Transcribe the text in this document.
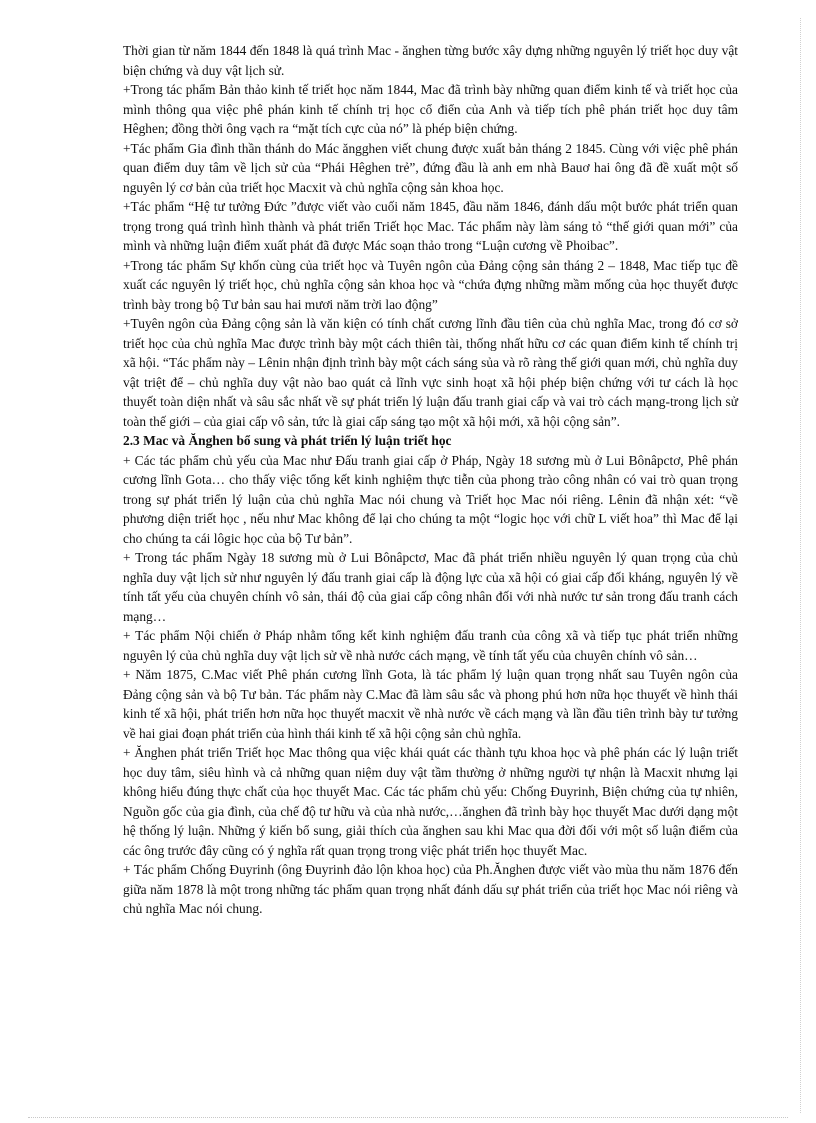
Thời gian từ năm 1844 đến 1848 là quá trình Mac - ănghen từng bước xây dựng những nguyên lý triết học duy vật biện chứng và duy vật lịch sử.

+Trong tác phẩm Bản thảo kinh tế triết học năm 1844, Mac đã trình bày những quan điểm kinh tế và triết học của mình thông qua việc phê phán kinh tế chính trị học cổ điển của Anh và tiếp tích phê phán triết học duy tâm Hêghen; đồng thời ông vạch ra “mặt tích cực của nó” là phép biện chứng.

+Tác phẩm Gia đình thần thánh do Mác ăngghen viết chung được xuất bản tháng 2 1845. Cùng với việc phê phán quan điểm duy tâm về lịch sử của “Phái Hêghen trẻ”, đứng đầu là anh em nhà Bauơ hai ông đã đề xuất một số nguyên lý cơ bản của triết học Macxit và chủ nghĩa cộng sản khoa học.

+Tác phẩm “Hệ tư tưởng Đức ”được viết vào cuối năm 1845, đầu năm 1846, đánh dấu một bước phát triển quan trọng trong quá trình hình thành và phát triển Triết học Mac. Tác phẩm này làm sáng tỏ “thế giới quan mới” của mình và những luận điểm xuất phát đã được Mác soạn thảo trong “Luận cương về Phoibac”.

+Trong tác phẩm Sự khốn cùng của triết học và Tuyên ngôn của Đảng cộng sản tháng 2 – 1848, Mac tiếp tục đề xuất các nguyên lý triết học, chủ nghĩa cộng sản khoa học và “chứa đựng những mầm mống của học thuyết được trình bày trong bộ Tư bản sau hai mươi năm trời lao động”

+Tuyên ngôn của Đảng cộng sản là văn kiện có tính chất cương lĩnh đầu tiên của chủ nghĩa Mac, trong đó cơ sở triết học của chủ nghĩa Mac được trình bày một cách thiên tài, thống nhất hữu cơ các quan điểm kinh tế chính trị xã hội. “Tác phẩm này – Lênin nhận định trình bày một cách sáng sủa và rõ ràng thế giới quan mới, chủ nghĩa duy vật triệt để – chủ nghĩa duy vật nào bao quát cả lĩnh vực sinh hoạt xã hội phép biện chứng với tư cách là học thuyết toàn diện nhất và sâu sắc nhất về sự phát triển lý luận đấu tranh giai cấp và vai trò cách mạng-trong lịch sử toàn thế giới – của giai cấp vô sản, tức là giai cấp sáng tạo một xã hội mới, xã hội cộng sản”.

2.3 Mac và Ănghen bổ sung và phát triển lý luận triết học

+ Các tác phẩm chủ yếu của Mac như Đấu tranh giai cấp ở Pháp, Ngày 18 sương mù ở Lui Bônâpctơ, Phê phán cương lĩnh Gota… cho thấy việc tổng kết kinh nghiệm thực tiễn của phong trào công nhân có vai trò quan trọng trong sự phát triển lý luận của chủ nghĩa Mac nói chung và Triết học Mac nói riêng. Lênin đã nhận xét: “về phương diện triết học , nếu như Mac không để lại cho chúng ta một “logic học với chữ L viết hoa” thì Mac để lại cho chúng ta cái lôgic học của bộ Tư bản”.

+ Trong tác phẩm Ngày 18 sương mù ở Lui Bônâpctơ, Mac đã phát triển nhiều nguyên lý quan trọng của chủ nghĩa duy vật lịch sử như nguyên lý đấu tranh giai cấp là động lực của xã hội có giai cấp đối kháng, nguyên lý về tính tất yếu của chuyên chính vô sản, thái độ của giai cấp công nhân đối với nhà nước tư sản trong đấu tranh cách mạng…

+ Tác phẩm Nội chiến ở Pháp nhằm tổng kết kinh nghiệm đấu tranh của công xã và tiếp tục phát triển những nguyên lý của chủ nghĩa duy vật lịch sử về nhà nước cách mạng, về tính tất yếu của chuyên chính vô sản…

+ Năm 1875, C.Mac viết Phê phán cương lĩnh Gota, là tác phẩm lý luận quan trọng nhất sau Tuyên ngôn của Đảng cộng sản và bộ Tư bản. Tác phẩm này C.Mac đã làm sâu sắc và phong phú hơn nữa học thuyết về hình thái kinh tế xã hội, phát triển hơn nữa học thuyết macxit về nhà nước về cách mạng và lần đầu tiên trình bày tư tưởng về hai giai đoạn phát triển của hình thái kinh tế xã hội cộng sản chủ nghĩa.

+ Ănghen phát triển Triết học Mac thông qua việc khái quát các thành tựu khoa học và phê phán các lý luận triết học duy tâm, siêu hình và cả những quan niệm duy vật tầm thường ở những người tự nhận là Macxit nhưng lại không hiểu đúng thực chất của học thuyết Mac. Các tác phẩm chủ yếu: Chống Đuyrinh, Biện chứng của tự nhiên, Nguồn gốc của gia đình, của chế độ tư hữu và của nhà nước,…ănghen đã trình bày học thuyết Mac dưới dạng một hệ thống lý luận. Những ý kiến bổ sung, giải thích của ănghen sau khi Mac qua đời đối với một số luận điểm của các ông trước đây cũng có ý nghĩa rất quan trọng trong việc phát triển học thuyết Mac.

+ Tác phẩm Chống Đuyrinh (ông Đuyrinh đảo lộn khoa học) của Ph.Ănghen được viết vào mùa thu năm 1876 đến giữa năm 1878 là một trong những tác phẩm quan trọng nhất đánh dấu sự phát triển của triết học Mac nói riêng và chủ nghĩa Mac nói chung.
